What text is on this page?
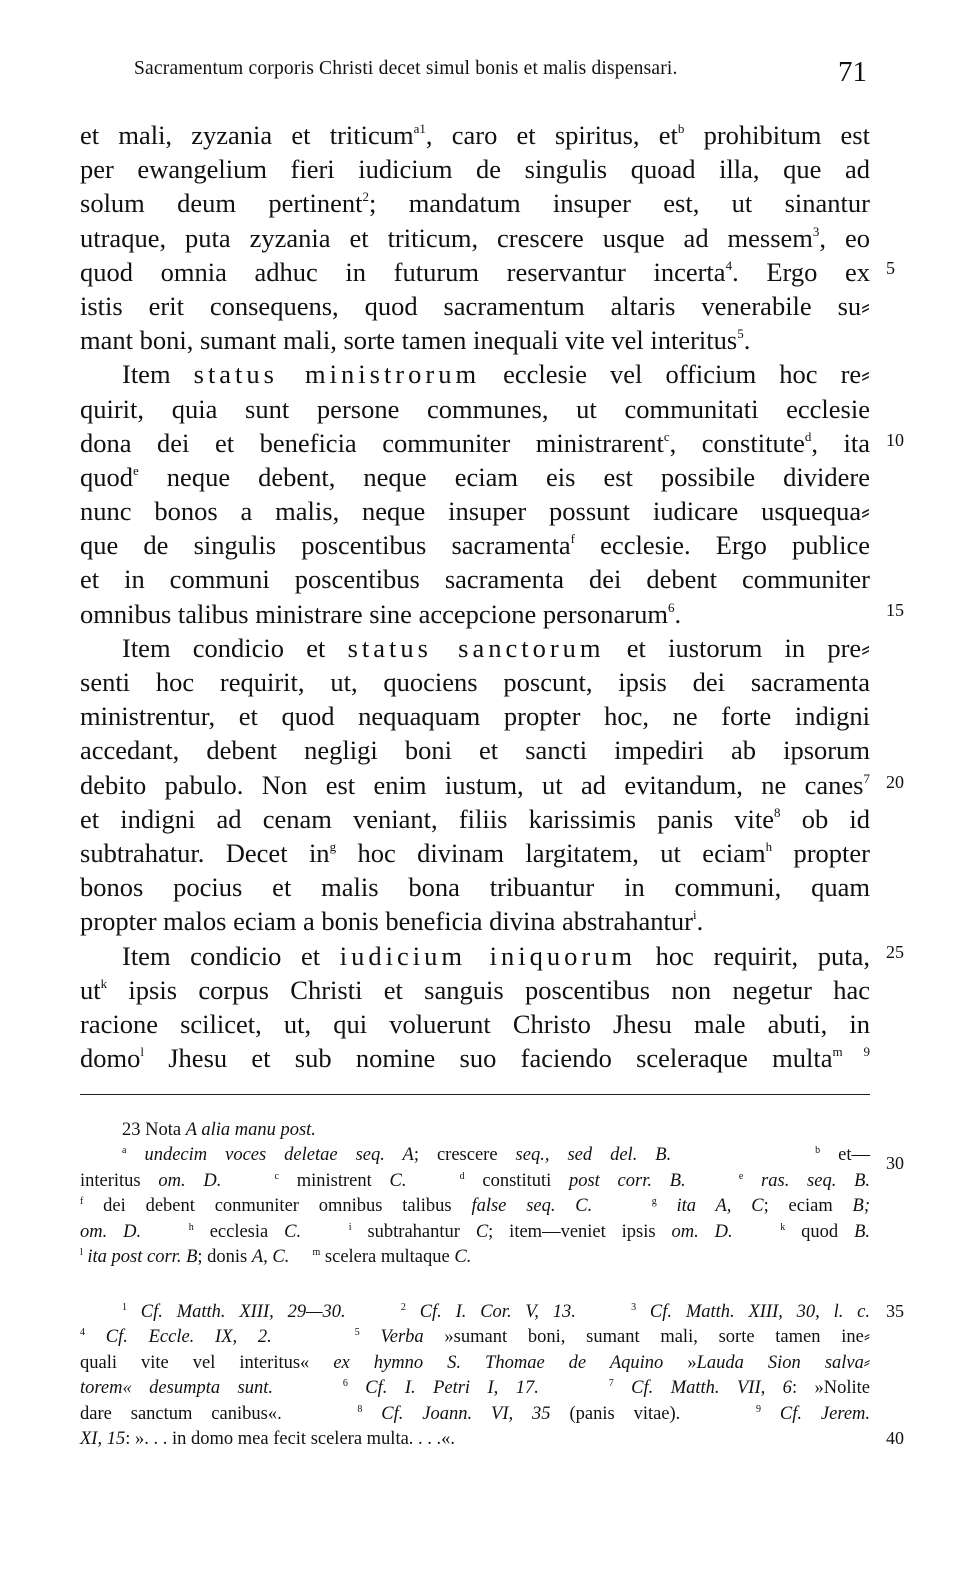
Sacramentum corporis Christi decet simul bonis et malis dispensari.	71
et mali, zyzania et triticum$^{a1}$, caro et spiritus, $et^b$ prohibitum est
per ewangelium fieri iudicium de singulis quoad illa, que ad
solum deum pertinent$^2$; mandatum insuper est, ut sinantur
utraque, puta zyzania et triticum, crescere usque ad messem$^3$, eo
quod omnia adhuc in futurum reservantur incerta$^4$. Ergo ex
istis erit consequens, quod sacramentum altaris venerabile su⸗
mant boni, sumant mali, sorte tamen inequali vite vel interitus$^5$.
Item status ministrorum ecclesie vel officium hoc re⸗
quirit, quia sunt persone communes, ut communitati ecclesie
dona dei et beneficia communiter ministrarent$^c$, constitute$^d$, ita
quod$^e$ neque debent, neque eciam eis est possibile dividere
nunc bonos a malis, neque insuper possunt iudicare usquequa⸗
que de singulis poscentibus sacramenta$^f$ ecclesie. Ergo publice
et in communi poscentibus sacramenta dei debent communiter
omnibus talibus ministrare sine accepcione personarum$^6$.
Item condicio et status sanctorum et iustorum in pre⸗
senti hoc requirit, ut, quociens poscunt, ipsis dei sacramenta
ministrentur, et quod nequaquam propter hoc, ne forte indigni
accedant, debent negligi boni et sancti impediri ab ipsorum
debito pabulo. Non est enim iustum, ut ad evitandum, ne canes$^7$
et indigni ad cenam veniant, filiis karissimis panis vite$^8$ ob id
subtrahatur. Decet $in^g$ hoc divinam largitatem, ut eciam$^h$ propter
bonos pocius et malis bona tribuantur in communi, quam
propter malos eciam a bonis beneficia divina abstrahantur$^i$.
Item condicio et iudicium iniquorum hoc requirit, puta,
$ut^k$ ipsis corpus Christi et sanguis poscentibus non negetur hac
racione scilicet, ut, qui voluerunt Christo Jhesu male abuti, in
domo$^l$ Jhesu et sub nomine suo faciendo sceleraque multa$^m$ $^9$
5
10
15
20
25
23 Nota A alia manu post.
$^a$ undecim voces deletae seq. A; crescere seq., sed del. B.	$^b$ et—
interitus om. D.	$^c$ ministrent C.	$^d$ constituti post corr. B.	$^e$ ras. seq. B.
$^f$ dei debent conmuniter omnibus talibus false seq. C.	$^g$ ita A, C; eciam B;
om. D.	$^h$ ecclesia C.	$^i$ subtrahantur C; item—veniet ipsis om. D.	$^k$ quod B.
$^l$ ita post corr. B; donis A, C. $^m$ scelera multaque C.
$^1$ Cf. Matth. XIII, 29—30.	$^2$ Cf. I. Cor. V, 13.	$^3$ Cf. Matth. XIII, 30, l. c.
$^4$ Cf. Eccle. IX, 2.	$^5$ Verba »sumant boni, sumant mali, sorte tamen ine⸗
quali vite vel interitus« ex hymno S. Thomae de Aquino »Lauda Sion salva⸗
torem« desumpta sunt.	$^6$ Cf. I. Petri I, 17.	$^7$ Cf. Matth. VII, 6: »Nolite
dare sanctum canibus«.	$^8$ Cf. Joann. VI, 35 (panis vitae).	$^9$ Cf. Jerem.
XI, 15: ». . . in domo mea fecit scelera multa. . . .«.
30
35
40
